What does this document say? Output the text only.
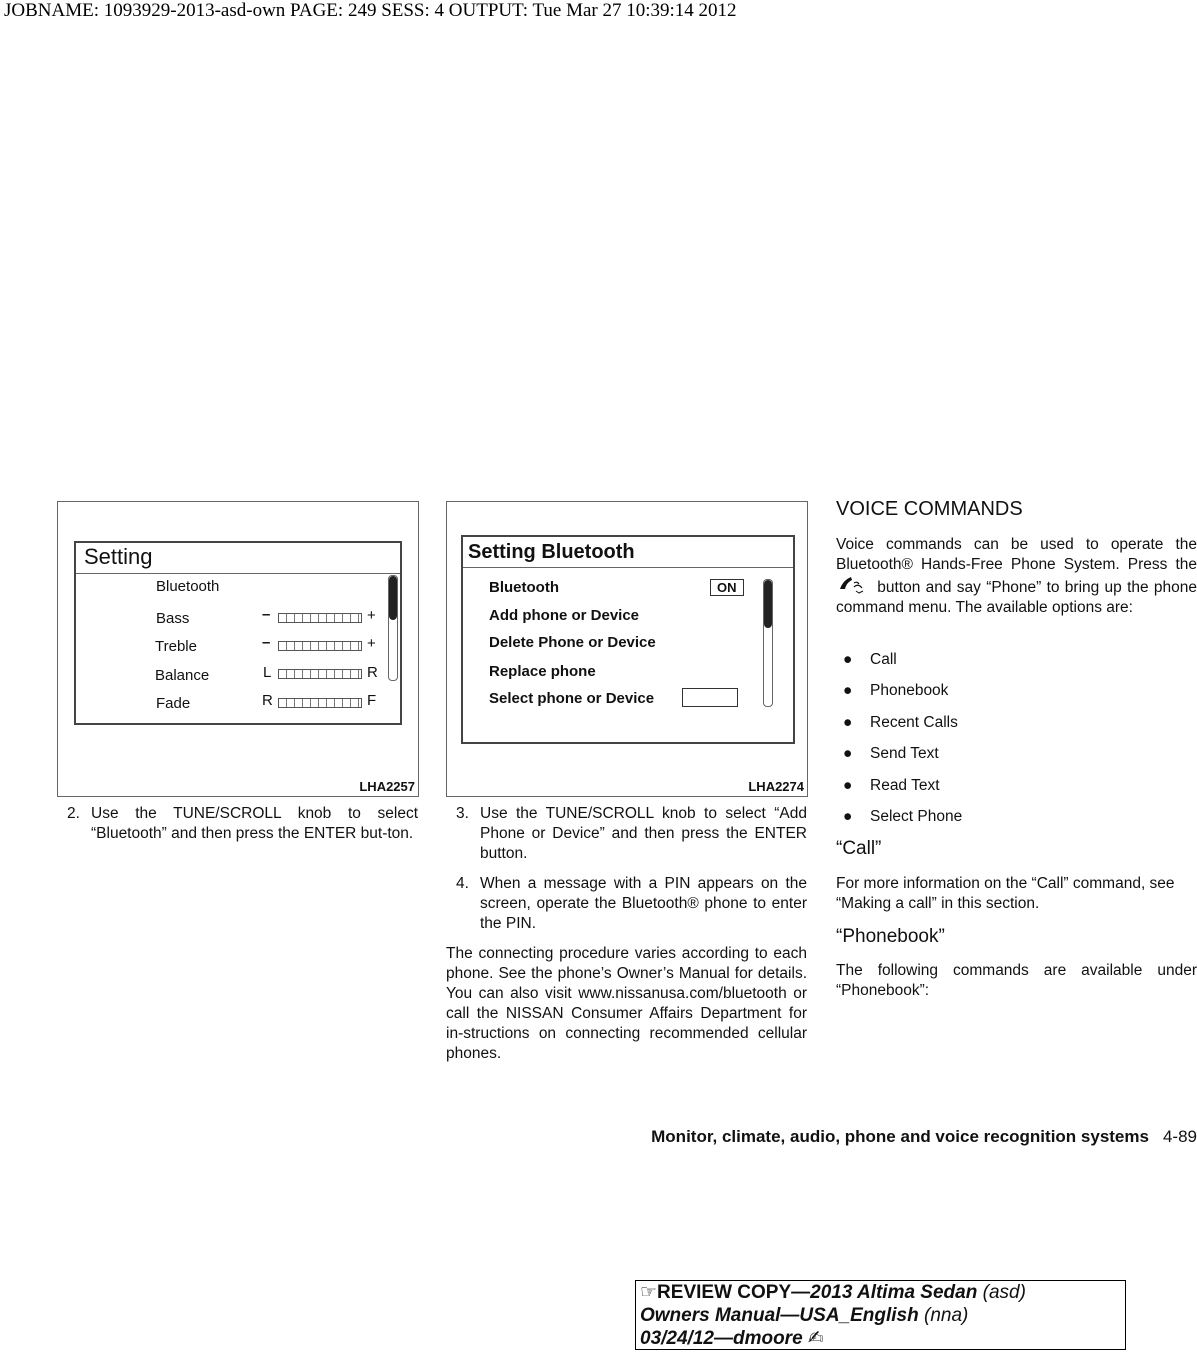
JOBNAME: 1093929-2013-asd-own PAGE: 249 SESS: 4 OUTPUT: Tue Mar 27 10:39:14 2012
Setting
Bluetooth
Bass	–	+
Treble	–	+
Balance	L	R
Fade	R	F
LHA2257
Setting Bluetooth
Bluetooth	ON
Add phone or Device
Delete Phone or Device
Replace phone
Select phone or Device
LHA2274
2. Use the TUNE/SCROLL knob to select “Bluetooth” and then press the ENTER but-ton.
3. Use the TUNE/SCROLL knob to select “Add Phone or Device” and then press the ENTER button.
4. When a message with a PIN appears on the screen, operate the Bluetooth® phone to enter the PIN.
The connecting procedure varies according to each phone. See the phone’s Owner’s Manual for details. You can also visit www.nissanusa.com/bluetooth or call the NISSAN Consumer Affairs Department for in-structions on connecting recommended cellular phones.
VOICE COMMANDS
Voice commands can be used to operate the Bluetooth® Hands-Free Phone System. Press the  button and say “Phone” to bring up the phone command menu. The available options are:
● Call
● Phonebook
● Recent Calls
● Send Text
● Read Text
● Select Phone
“Call”
For more information on the “Call” command, see “Making a call” in this section.
“Phonebook”
The following commands are available under “Phonebook”:
Monitor, climate, audio, phone and voice recognition systems 4-89
☞REVIEW COPY—2013 Altima Sedan (asd)
Owners Manual—USA_English (nna)
03/24/12—dmoore ✍
